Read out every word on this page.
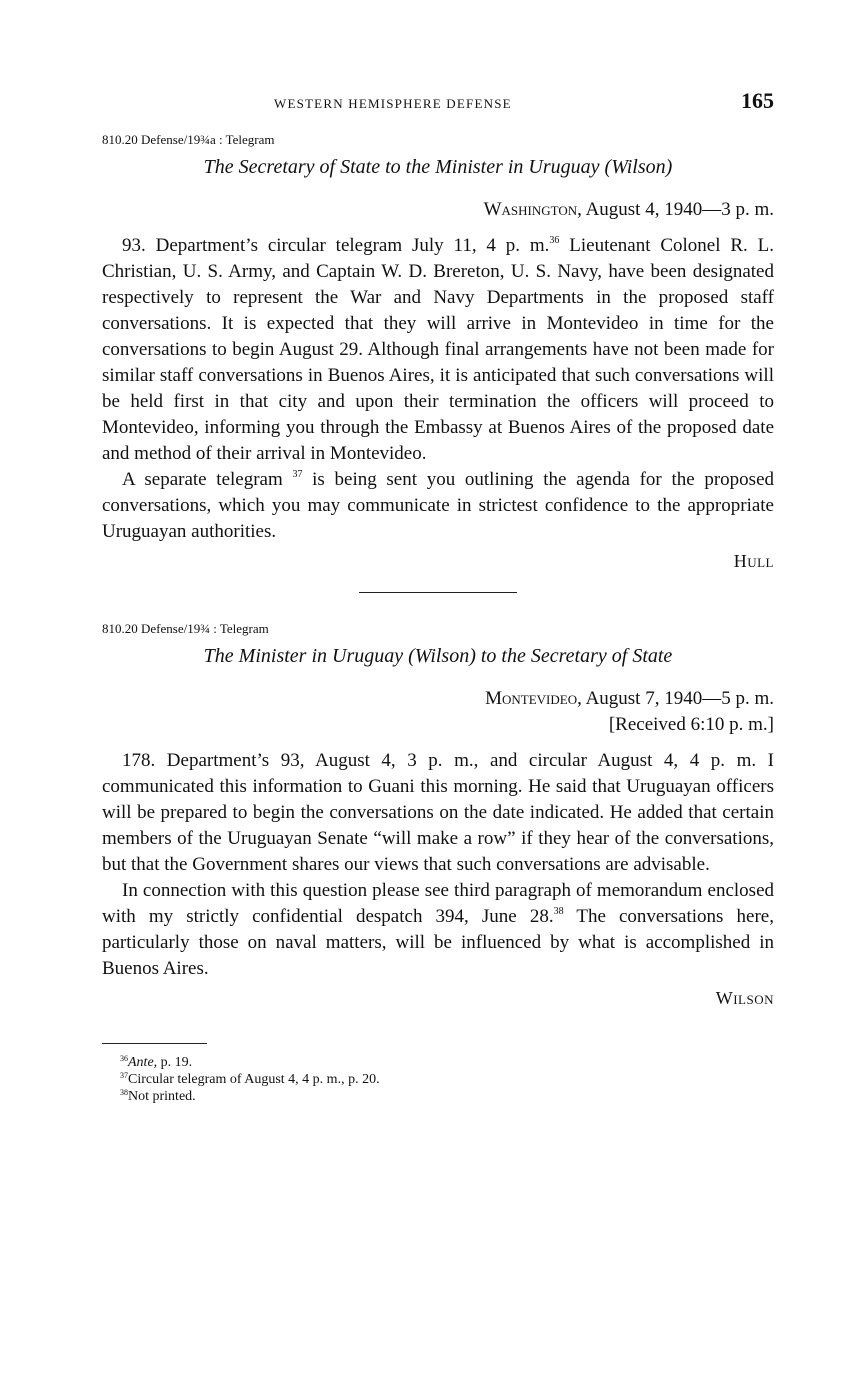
WESTERN HEMISPHERE DEFENSE	165
810.20 Defense/19¾a : Telegram
The Secretary of State to the Minister in Uruguay (Wilson)
Washington, August 4, 1940—3 p. m.

93. Department’s circular telegram July 11, 4 p. m.$^{36}$ Lieutenant Colonel R. L. Christian, U. S. Army, and Captain W. D. Brereton, U. S. Navy, have been designated respectively to represent the War and Navy Departments in the proposed staff conversations. It is expected that they will arrive in Montevideo in time for the conversations to begin August 29. Although final arrangements have not been made for similar staff conversations in Buenos Aires, it is anticipated that such conversations will be held first in that city and upon their termination the officers will proceed to Montevideo, informing you through the Embassy at Buenos Aires of the proposed date and method of their arrival in Montevideo.

A separate telegram $^{37}$ is being sent you outlining the agenda for the proposed conversations, which you may communicate in strictest confidence to the appropriate Uruguayan authorities.

Hull
810.20 Defense/19¾ : Telegram
The Minister in Uruguay (Wilson) to the Secretary of State
Montevideo, August 7, 1940—5 p. m.
[Received 6:10 p. m.]

178. Department’s 93, August 4, 3 p. m., and circular August 4, 4 p. m. I communicated this information to Guani this morning. He said that Uruguayan officers will be prepared to begin the conversations on the date indicated. He added that certain members of the Uruguayan Senate “will make a row” if they hear of the conversations, but that the Government shares our views that such conversations are advisable.

In connection with this question please see third paragraph of memorandum enclosed with my strictly confidential despatch 394, June 28.38 The conversations here, particularly those on naval matters, will be influenced by what is accomplished in Buenos Aires.

Wilson
$^{36}$Ante, p. 19.
$^{37}$Circular telegram of August 4, 4 p. m., p. 20.
$^{38}$Not printed.
